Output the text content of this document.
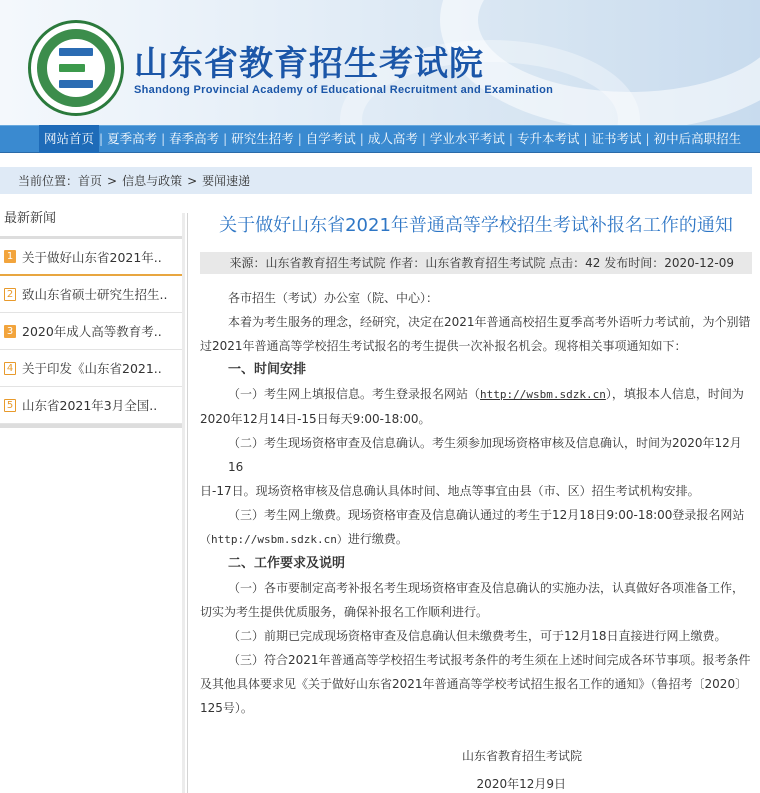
山东省教育招生考试院
Shandong Provincial Academy of Educational Recruitment and Examination
网站首页 | 夏季高考 | 春季高考 | 研究生招考 | 自学考试 | 成人高考 | 学业水平考试 | 专升本考试 | 证书考试 | 初中后高职招生
当前位置： 首页 > 信息与政策 > 要闻速递
最新新闻
1 关于做好山东省2021年..
2 致山东省硕士研究生招生..
3 2020年成人高等教育考..
4 关于印发《山东省2021..
5 山东省2021年3月全国..
关于做好山东省2021年普通高等学校招生考试补报名工作的通知
来源：山东省教育招生考试院 作者：山东省教育招生考试院 点击：42 发布时间：2020-12-09

各市招生（考试）办公室（院、中心）：

本着为考生服务的理念，经研究，决定在2021年普通高校招生夏季高考外语听力考试前，为个别错

过2021年普通高等学校招生考试报名的考生提供一次补报名机会。现将相关事项通知如下：

一、时间安排

（一）考生网上填报信息。考生登录报名网站（http://wsbm.sdzk.cn），填报本人信息，时间为

2020年12月14日-15日每天9:00-18:00。

（二）考生现场资格审查及信息确认。考生须参加现场资格审核及信息确认，时间为2020年12月16

日-17日。现场资格审核及信息确认具体时间、地点等事宜由县（市、区）招生考试机构安排。

（三）考生网上缴费。现场资格审查及信息确认通过的考生于12月18日9:00-18:00登录报名网站

（http://wsbm.sdzk.cn）进行缴费。

二、工作要求及说明

（一）各市要制定高考补报名考生现场资格审查及信息确认的实施办法，认真做好各项准备工作，

切实为考生提供优质服务，确保补报名工作顺利进行。

（二）前期已完成现场资格审查及信息确认但未缴费考生，可于12月18日直接进行网上缴费。

（三）符合2021年普通高等学校招生考试报考条件的考生须在上述时间完成各环节事项。报考条件

及其他具体要求见《关于做好山东省2021年普通高等学校考试招生报名工作的通知》（鲁招考〔2020〕

125号）。

山东省教育招生考试院
2020年12月9日
